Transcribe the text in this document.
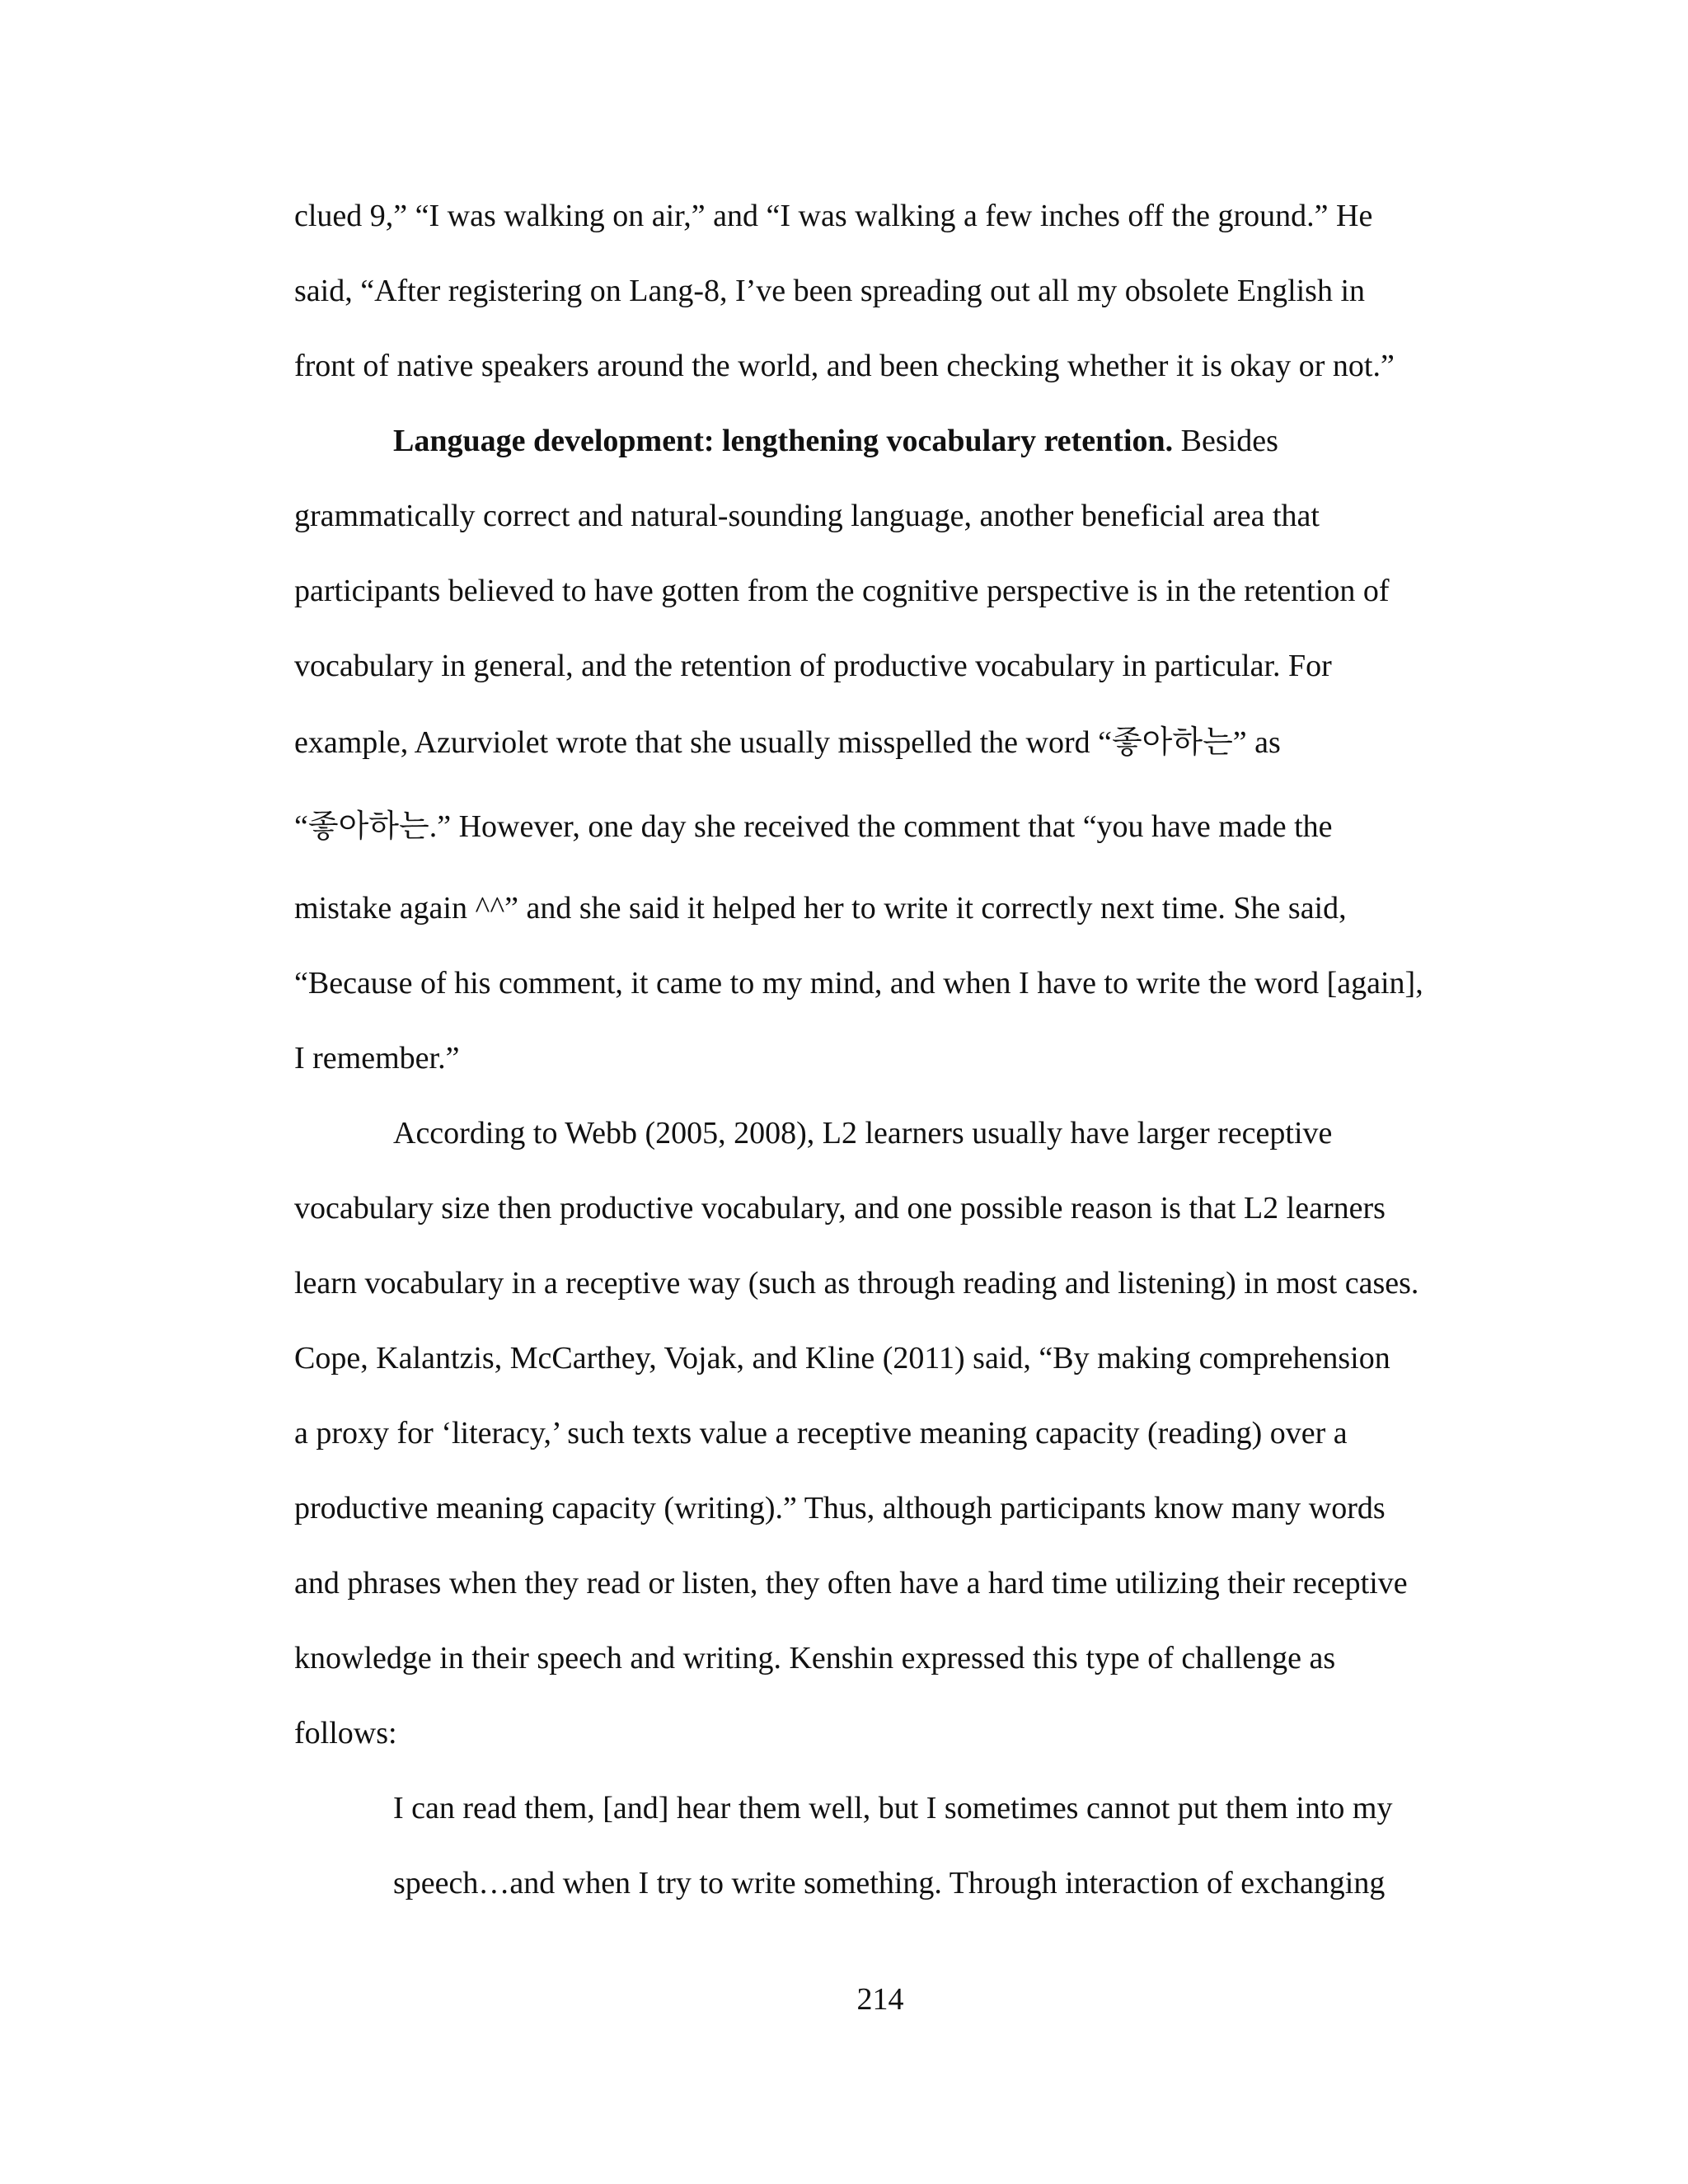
clued 9,” “I was walking on air,” and “I was walking a few inches off the ground.” He

said, “After registering on Lang-8, I’ve been spreading out all my obsolete English in

front of native speakers around the world, and been checking whether it is okay or not.”

Language development: lengthening vocabulary retention. Besides

grammatically correct and natural-sounding language, another beneficial area that

participants believed to have gotten from the cognitive perspective is in the retention of

vocabulary in general, and the retention of productive vocabulary in particular. For

example, Azurviolet wrote that she usually misspelled the word “좋아하는” as

“좋아하는.” However, one day she received the comment that “you have made the

mistake again ^^” and she said it helped her to write it correctly next time. She said,

“Because of his comment, it came to my mind, and when I have to write the word [again],

I remember.”

According to Webb (2005, 2008), L2 learners usually have larger receptive

vocabulary size then productive vocabulary, and one possible reason is that L2 learners

learn vocabulary in a receptive way (such as through reading and listening) in most cases.

Cope, Kalantzis, McCarthey, Vojak, and Kline (2011) said, “By making comprehension

a proxy for ‘literacy,’ such texts value a receptive meaning capacity (reading) over a

productive meaning capacity (writing).” Thus, although participants know many words

and phrases when they read or listen, they often have a hard time utilizing their receptive

knowledge in their speech and writing. Kenshin expressed this type of challenge as

follows:

I can read them, [and] hear them well, but I sometimes cannot put them into my

speech…and when I try to write something. Through interaction of exchanging

214
